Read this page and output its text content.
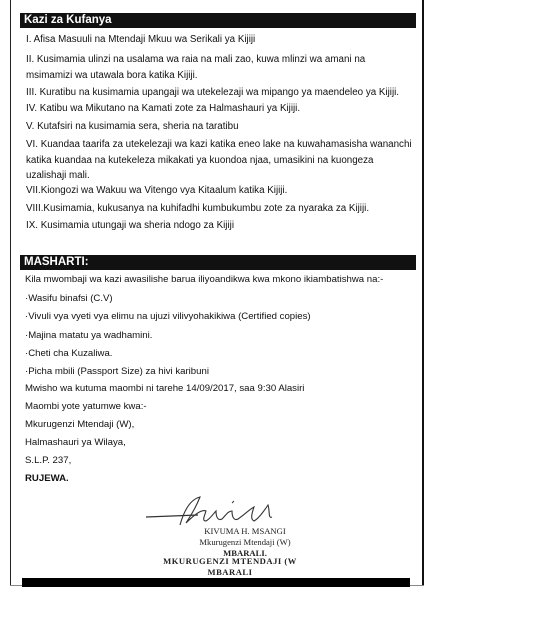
Kazi za Kufanya
I. Afisa Masuuli na Mtendaji Mkuu wa Serikali ya Kijiji
II. Kusimamia ulinzi na usalama wa raia na mali zao, kuwa mlinzi wa amani na msimamizi wa utawala bora katika Kijiji.
III. Kuratibu na kusimamia upangaji wa utekelezaji wa mipango ya maendeleo ya Kijiji.
IV. Katibu wa Mikutano na Kamati zote za Halmashauri ya Kijiji.
V. Kutafsiri na kusimamia sera, sheria na taratibu
VI. Kuandaa taarifa za utekelezaji wa kazi katika eneo lake na kuwahamasisha wananchi katika kuandaa na kutekeleza mikakati ya kuondoa njaa, umasikini na kuongeza uzalishaji mali.
VII.Kiongozi wa Wakuu wa Vitengo vya Kitaalum katika Kijiji.
VIII.Kusimamia, kukusanya na kuhifadhi kumbukumbu zote za nyaraka za Kijiji.
IX. Kusimamia utungaji wa sheria ndogo za Kijiji
MASHARTI:
Kila mwombaji wa kazi awasilishe barua iliyoandikwa kwa mkono ikiambatishwa na:-
·Wasifu binafsi (C.V)
·Vivuli vya vyeti vya elimu na ujuzi vilivyohakikiwa (Certified copies)
·Majina matatu ya wadhamini.
·Cheti cha Kuzaliwa.
·Picha mbili (Passport Size) za hivi karibuni
Mwisho wa kutuma maombi ni tarehe 14/09/2017, saa 9:30 Alasiri
Maombi yote yatumwe kwa:-
Mkurugenzi Mtendaji (W),
Halmashauri ya Wilaya,
S.L.P. 237,
RUJEWA.
KIVUMA H. MSANGI
Mkurugenzi Mtendaji (W)
MBARALI.
MKURUGENZI MTENDAJI (W
MBARALI
